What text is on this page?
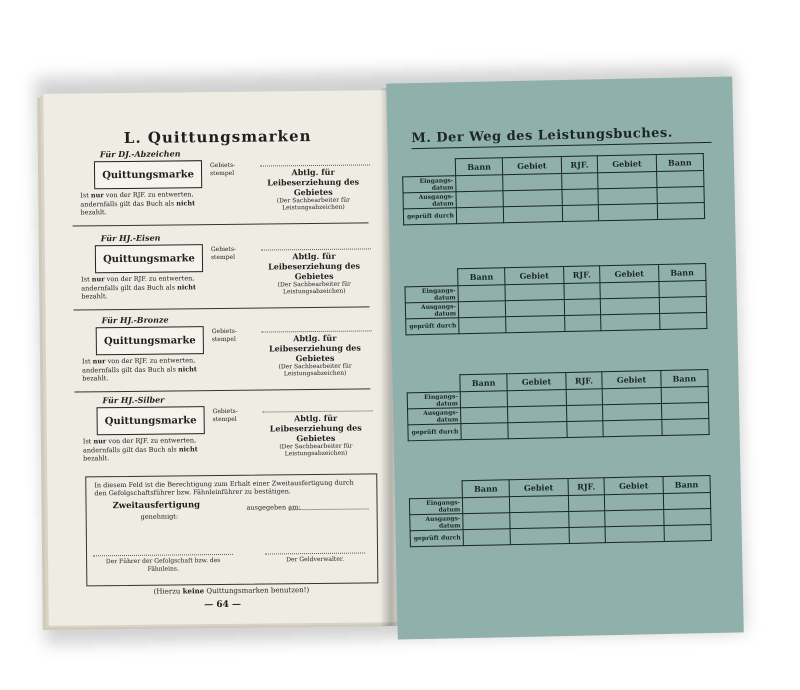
L. Quittungsmarken
Für DJ.-Abzeichen
Quittungsmarke
Gebiets-stempel	Abtlg. für Leibeserziehung des Gebietes
(Der Sachbearbeiter für Leistungsabzeichen)
Ist nur von der RJF. zu entwerten, andernfalls gilt das Buch als nicht bezahlt.
Für HJ.-Eisen
Quittungsmarke
Gebiets-stempel	Abtlg. für Leibeserziehung des Gebietes
(Der Sachbearbeiter für Leistungsabzeichen)
Ist nur von der RJF. zu entwerten, andernfalls gilt das Buch als nicht bezahlt.
Für HJ.-Bronze
Quittungsmarke
Gebiets-stempel	Abtlg. für Leibeserziehung des Gebietes
(Der Sachbearbeiter für Leistungsabzeichen)
Ist nur von der RJF. zu entwerten, andernfalls gilt das Buch als nicht bezahlt.
Für HJ.-Silber
Quittungsmarke
Gebiets-stempel	Abtlg. für Leibeserziehung des Gebietes
(Der Sachbearbeiter für Leistungsabzeichen)
Ist nur von der RJF. zu entwerten, andernfalls gilt das Buch als nicht bezahlt.
In diesem Feld ist die Berechtigung zum Erhalt einer Zweitausfertigung durch den Gefolgschaftsführer bzw. Fähnleinführer zu bestätigen.
Zweitausfertigung
genehmigt:
ausgegeben am:
Der Führer der Gefolgschaft bzw. des Fähnleins.
Der Geldverwalter.
(Hierzu keine Quittungsmarken benutzen!)
— 64 —
M. Der Weg des Leistungsbuches.
	Bann	Gebiet	RJF.	Gebiet	Bann
Eingangs-datum					
Ausgangs-datum					
geprüft durch					
	Bann	Gebiet	RJF.	Gebiet	Bann
Eingangs-datum					
Ausgangs-datum					
geprüft durch					
	Bann	Gebiet	RJF.	Gebiet	Bann
Eingangs-datum					
Ausgangs-datum					
geprüft durch					
	Bann	Gebiet	RJF.	Gebiet	Bann
Eingangs-datum					
Ausgangs-datum					
geprüft durch					
